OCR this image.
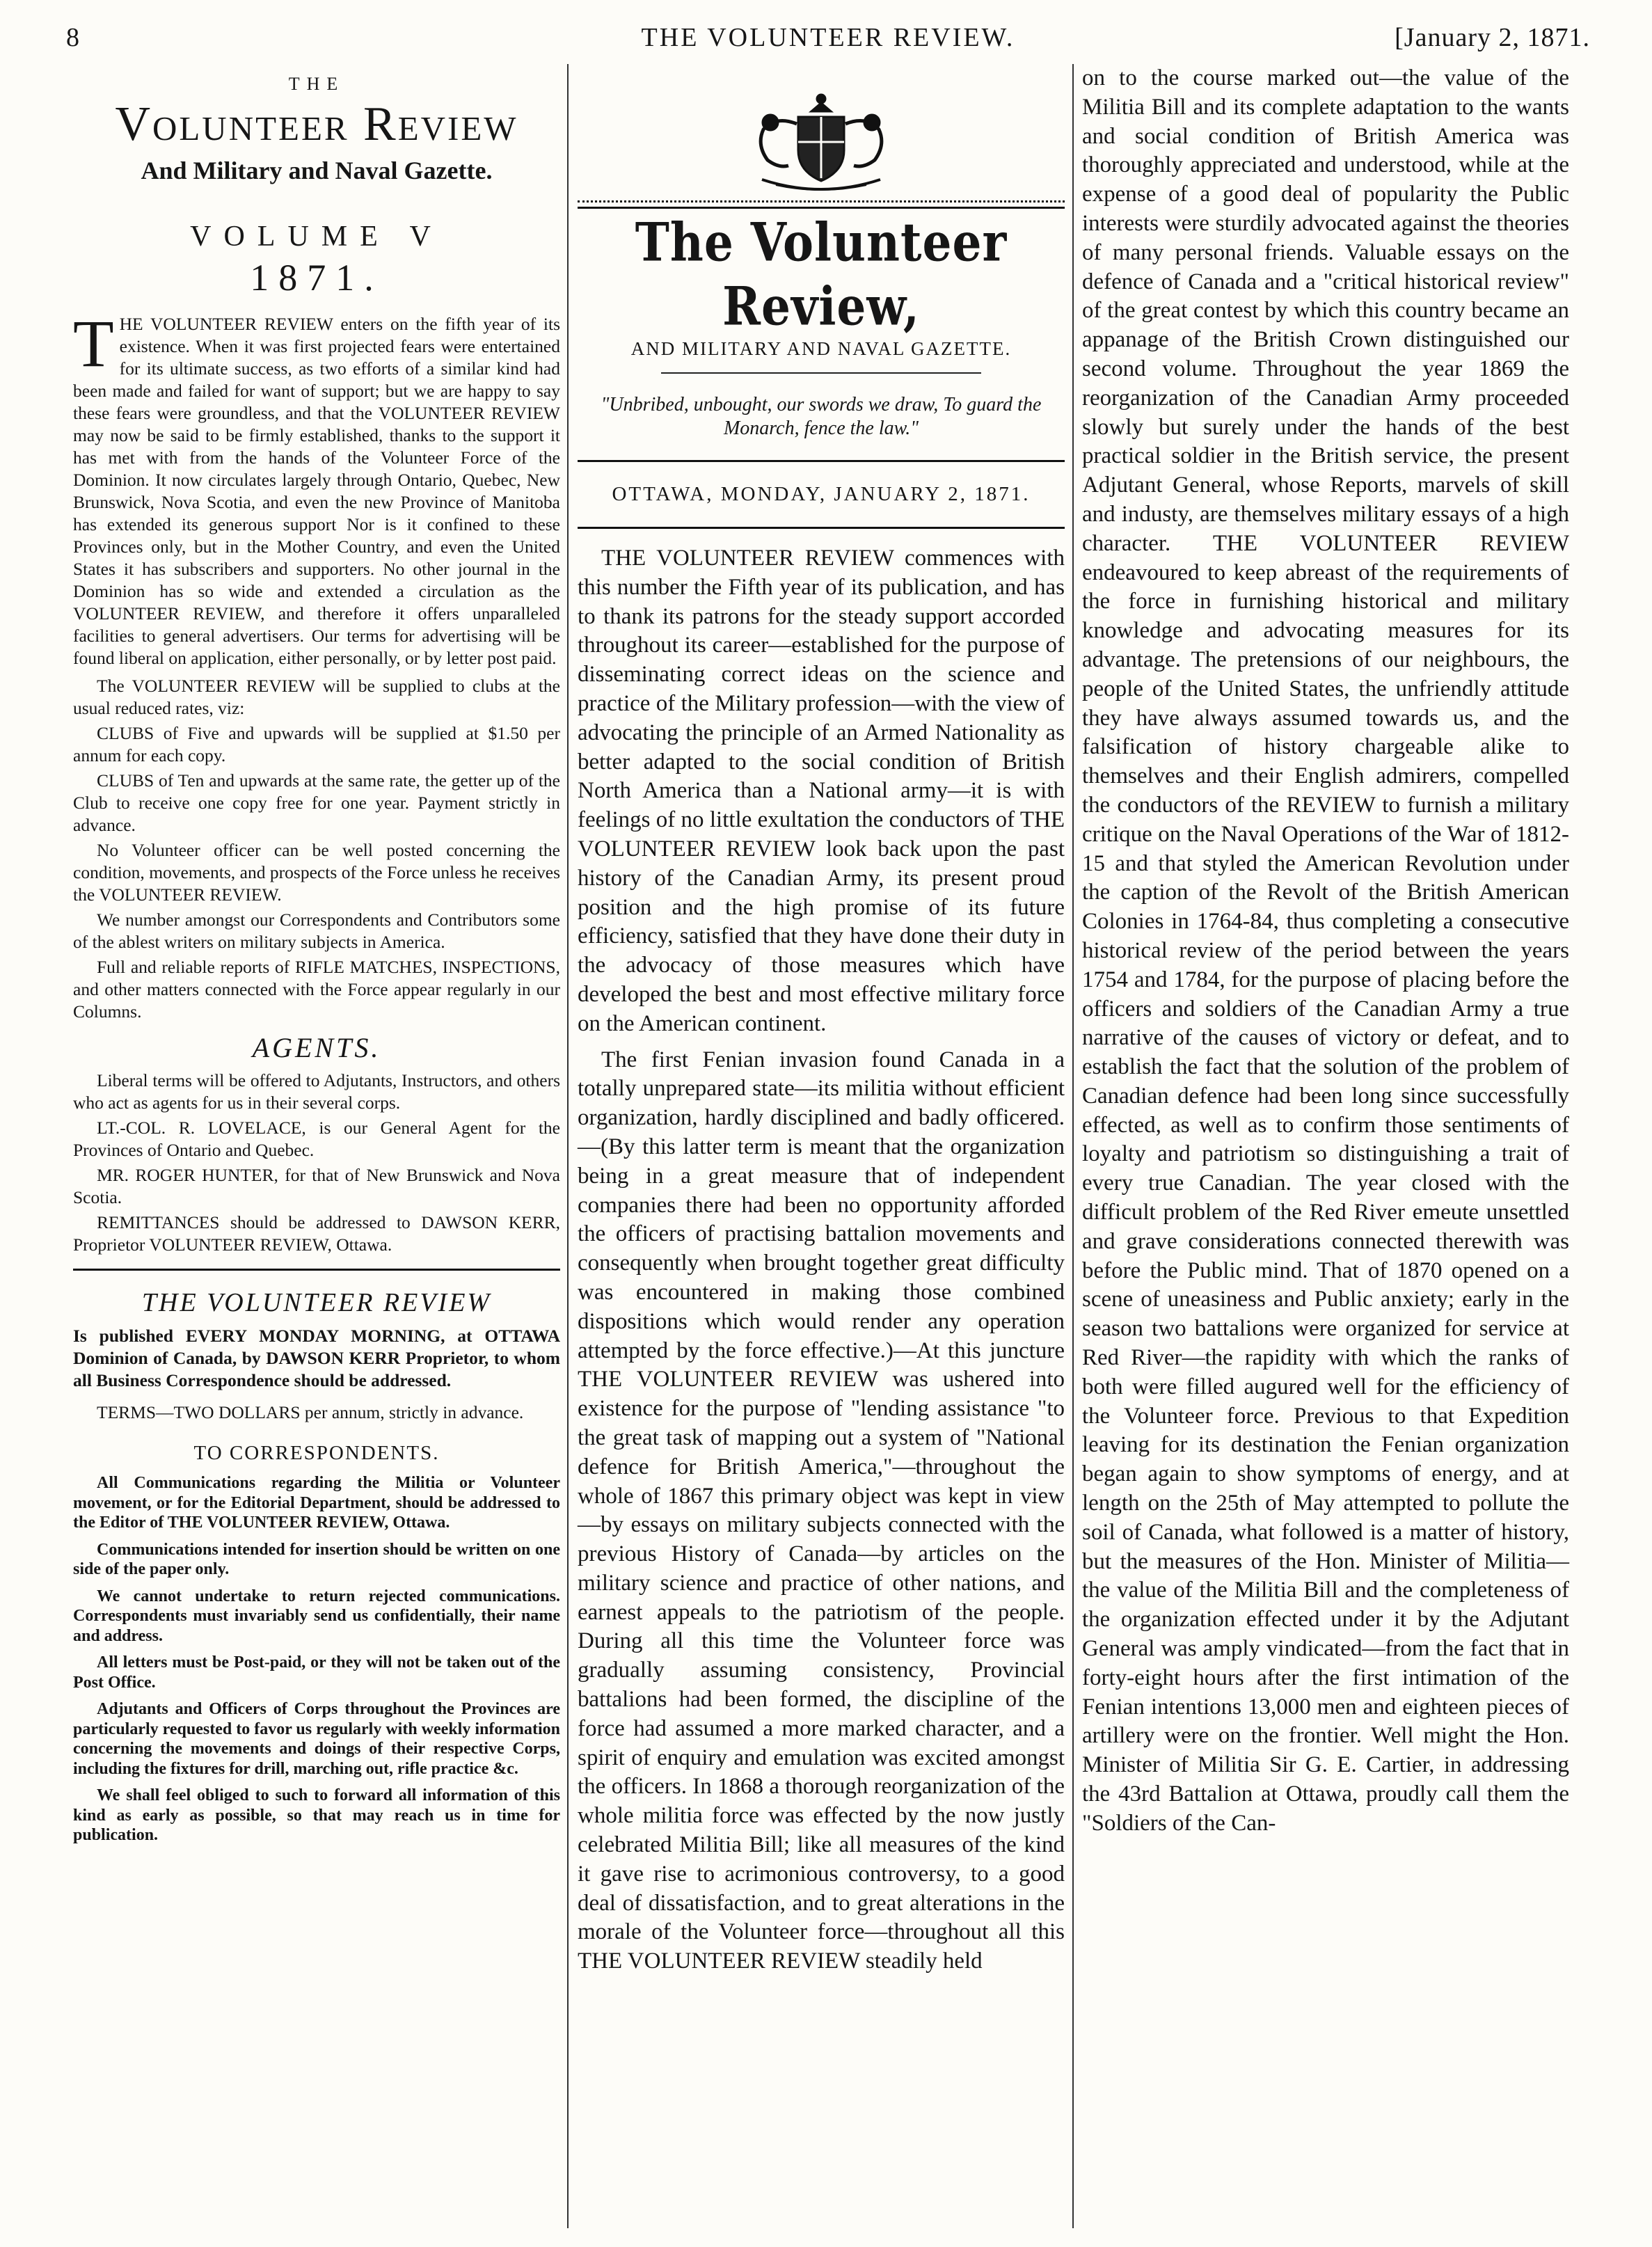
8	THE VOLUNTEER REVIEW.	[January 2, 1871.
THE
Volunteer Review
And Military and Naval Gazette.
VOLUME V
1871.

THE VOLUNTEER REVIEW enters on the fifth year of its existence. When it was first projected fears were entertained for its ultimate success, as two efforts of a similar kind had been made and failed for want of support; but we are happy to say these fears were groundless, and that the VOLUNTEER REVIEW may now be said to be firmly established, thanks to the support it has met with from the hands of the Volunteer Force of the Dominion. It now circulates largely through Ontario, Quebec, New Brunswick, Nova Scotia, and even the new Province of Manitoba has extended its generous support Nor is it confined to these Provinces only, but in the Mother Country, and even the United States it has subscribers and supporters. No other journal in the Dominion has so wide and extended a circulation as the VOLUNTEER REVIEW, and therefore it offers unparalleled facilities to general advertisers. Our terms for advertising will be found liberal on application, either personally, or by letter post paid.

The VOLUNTEER REVIEW will be supplied to clubs at the usual reduced rates, viz:

CLUBS of Five and upwards will be supplied at $1.50 per annum for each copy.

CLUBS of Ten and upwards at the same rate, the getter up of the Club to receive one copy free for one year. Payment strictly in advance.

No Volunteer officer can be well posted concerning the condition, movements, and prospects of the Force unless he receives the VOLUNTEER REVIEW.

We number amongst our Correspondents and Contributors some of the ablest writers on military subjects in America.

Full and reliable reports of RIFLE MATCHES, INSPECTIONS, and other matters connected with the Force appear regularly in our Columns.

AGENTS.

Liberal terms will be offered to Adjutants, Instructors, and others who act as agents for us in their several corps.

LT.-COL. R. LOVELACE, is our General Agent for the Provinces of Ontario and Quebec.

MR. ROGER HUNTER, for that of New Brunswick and Nova Scotia.

REMITTANCES should be addressed to DAWSON KERR, Proprietor VOLUNTEER REVIEW, Ottawa.

THE VOLUNTEER REVIEW

Is published EVERY MONDAY MORNING, at OTTAWA Dominion of Canada, by DAWSON KERR Proprietor, to whom all Business Correspondence should be addressed.

TERMS—TWO DOLLARS per annum, strictly in advance.

TO CORRESPONDENTS.

All Communications regarding the Militia or Volunteer movement, or for the Editorial Department, should be addressed to the Editor of THE VOLUNTEER REVIEW, Ottawa.

Communications intended for insertion should be written on one side of the paper only.

We cannot undertake to return rejected communications. Correspondents must invariably send us confidentially, their name and address.

All letters must be Post-paid, or they will not be taken out of the Post Office.

Adjutants and Officers of Corps throughout the Provinces are particularly requested to favor us regularly with weekly information concerning the movements and doings of their respective Corps, including the fixtures for drill, marching out, rifle practice &c.

We shall feel obliged to such to forward all information of this kind as early as possible, so that may reach us in time for publication.

The Volunteer Review,
AND MILITARY AND NAVAL GAZETTE.
"Unbribed, unbought, our swords we draw, To guard the Monarch, fence the law."
OTTAWA, MONDAY, JANUARY 2, 1871.

THE VOLUNTEER REVIEW commences with this number the Fifth year of its publication, and has to thank its patrons for the steady support accorded throughout its career—established for the purpose of disseminating correct ideas on the science and practice of the Military profession—with the view of advocating the principle of an Armed Nationality as better adapted to the social condition of British North America than a National army—it is with feelings of no little exultation the conductors of THE VOLUNTEER REVIEW look back upon the past history of the Canadian Army, its present proud position and the high promise of its future efficiency, satisfied that they have done their duty in the advocacy of those measures which have developed the best and most effective military force on the American continent.

The first Fenian invasion found Canada in a totally unprepared state—its militia without efficient organization, hardly disciplined and badly officered.—(By this latter term is meant that the organization being in a great measure that of independent companies there had been no opportunity afforded the officers of practising battalion movements and consequently when brought together great difficulty was encountered in making those combined dispositions which would render any operation attempted by the force effective.)—At this juncture THE VOLUNTEER REVIEW was ushered into existence for the purpose of "lending assistance "to the great task of mapping out a system of "National defence for British America,"—throughout the whole of 1867 this primary object was kept in view—by essays on military subjects connected with the previous History of Canada—by articles on the military science and practice of other nations, and earnest appeals to the patriotism of the people. During all this time the Volunteer force was gradually assuming consistency, Provincial battalions had been formed, the discipline of the force had assumed a more marked character, and a spirit of enquiry and emulation was excited amongst the officers. In 1868 a thorough reorganization of the whole militia force was effected by the now justly celebrated Militia Bill; like all measures of the kind it gave rise to acrimonious controversy, to a good deal of dissatisfaction, and to great alterations in the morale of the Volunteer force—throughout all this THE VOLUNTEER REVIEW steadily held

on to the course marked out—the value of the Militia Bill and its complete adaptation to the wants and social condition of British America was thoroughly appreciated and understood, while at the expense of a good deal of popularity the Public interests were sturdily advocated against the theories of many personal friends. Valuable essays on the defence of Canada and a "critical historical review" of the great contest by which this country became an appanage of the British Crown distinguished our second volume. Throughout the year 1869 the reorganization of the Canadian Army proceeded slowly but surely under the hands of the best practical soldier in the British service, the present Adjutant General, whose Reports, marvels of skill and industy, are themselves military essays of a high character. THE VOLUNTEER REVIEW endeavoured to keep abreast of the requirements of the force in furnishing historical and military knowledge and advocating measures for its advantage. The pretensions of our neighbours, the people of the United States, the unfriendly attitude they have always assumed towards us, and the falsification of history chargeable alike to themselves and their English admirers, compelled the conductors of the REVIEW to furnish a military critique on the Naval Operations of the War of 1812-15 and that styled the American Revolution under the caption of the Revolt of the British American Colonies in 1764-84, thus completing a consecutive historical review of the period between the years 1754 and 1784, for the purpose of placing before the officers and soldiers of the Canadian Army a true narrative of the causes of victory or defeat, and to establish the fact that the solution of the problem of Canadian defence had been long since successfully effected, as well as to confirm those sentiments of loyalty and patriotism so distinguishing a trait of every true Canadian. The year closed with the difficult problem of the Red River emeute unsettled and grave considerations connected therewith was before the Public mind. That of 1870 opened on a scene of uneasiness and Public anxiety; early in the season two battalions were organized for service at Red River—the rapidity with which the ranks of both were filled augured well for the efficiency of the Volunteer force. Previous to that Expedition leaving for its destination the Fenian organization began again to show symptoms of energy, and at length on the 25th of May attempted to pollute the soil of Canada, what followed is a matter of history, but the measures of the Hon. Minister of Militia—the value of the Militia Bill and the completeness of the organization effected under it by the Adjutant General was amply vindicated—from the fact that in forty-eight hours after the first intimation of the Fenian intentions 13,000 men and eighteen pieces of artillery were on the frontier. Well might the Hon. Minister of Militia Sir G. E. Cartier, in addressing the 43rd Battalion at Ottawa, proudly call them the "Soldiers of the Can-
